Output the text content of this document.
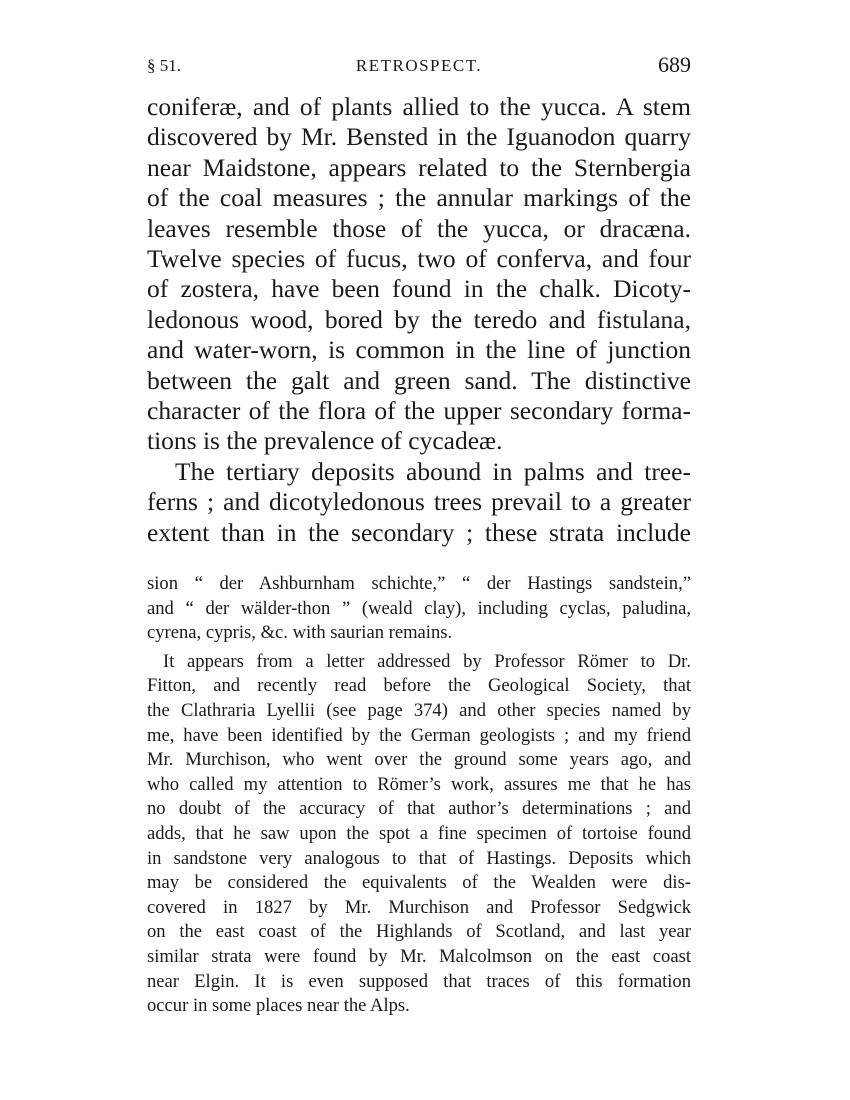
§ 51.	RETROSPECT.	689
coniferæ, and of plants allied to the yucca. A stem
discovered by Mr. Bensted in the Iguanodon quarry
near Maidstone, appears related to the Sternbergia
of the coal measures ; the annular markings of the
leaves resemble those of the yucca, or dracæna.
Twelve species of fucus, two of conferva, and four
of zostera, have been found in the chalk. Dicoty-
ledonous wood, bored by the teredo and fistulana,
and water-worn, is common in the line of junction
between the galt and green sand. The distinctive
character of the flora of the upper secondary forma-
tions is the prevalence of cycadeæ.
The tertiary deposits abound in palms and tree-
ferns ; and dicotyledonous trees prevail to a greater
extent than in the secondary ; these strata include
sion “ der Ashburnham schichte,” “ der Hastings sandstein,”
and “ der wälder-thon ” (weald clay), including cyclas, paludina,
cyrena, cypris, &c. with saurian remains.
It appears from a letter addressed by Professor Römer to Dr.
Fitton, and recently read before the Geological Society, that
the Clathraria Lyellii (see page 374) and other species named by
me, have been identified by the German geologists ; and my friend
Mr. Murchison, who went over the ground some years ago, and
who called my attention to Römer’s work, assures me that he has
no doubt of the accuracy of that author’s determinations ; and
adds, that he saw upon the spot a fine specimen of tortoise found
in sandstone very analogous to that of Hastings. Deposits which
may be considered the equivalents of the Wealden were dis-
covered in 1827 by Mr. Murchison and Professor Sedgwick
on the east coast of the Highlands of Scotland, and last year
similar strata were found by Mr. Malcolmson on the east coast
near Elgin. It is even supposed that traces of this formation
occur in some places near the Alps.
